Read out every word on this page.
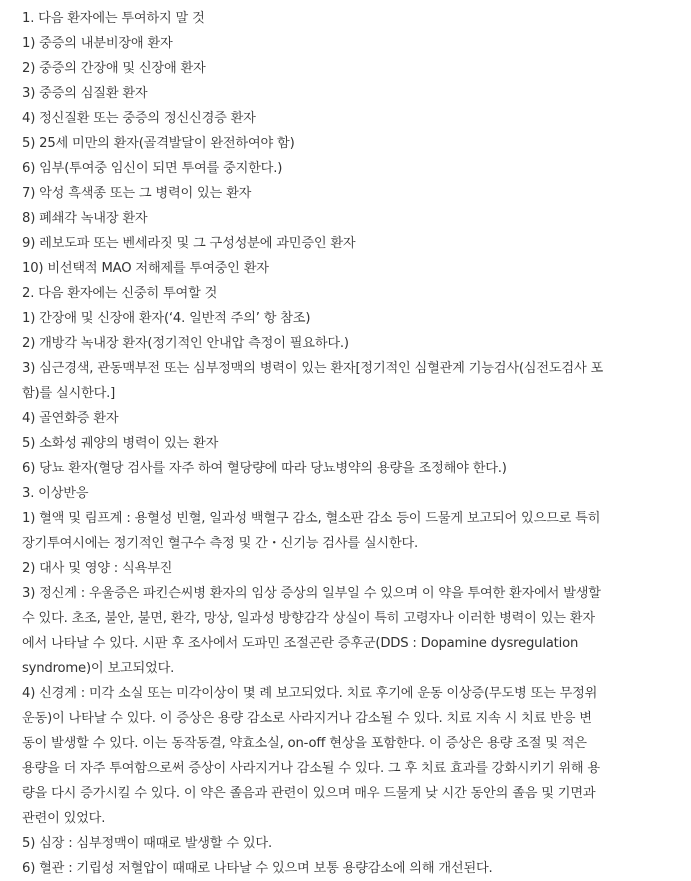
1. 다음 환자에는 투여하지 말 것
1) 중증의 내분비장애 환자
2) 중증의 간장애 및 신장애 환자
3) 중증의 심질환 환자
4) 정신질환 또는 중증의 정신신경증 환자
5) 25세 미만의 환자(골격발달이 완전하여야 함)
6) 임부(투여중 임신이 되면 투여를 중지한다.)
7) 악성 흑색종 또는 그 병력이 있는 환자
8) 폐쇄각 녹내장 환자
9) 레보도파 또는 벤세라짓 및 그 구성성분에 과민증인 환자
10) 비선택적 MAO 저해제를 투여중인 환자
2. 다음 환자에는 신중히 투여할 것
1) 간장애 및 신장애 환자(‘4. 일반적 주의’ 항 참조)
2) 개방각 녹내장 환자(정기적인 안내압 측정이 필요하다.)
3) 심근경색, 관동맥부전 또는 심부정맥의 병력이 있는 환자[정기적인 심혈관계 기능검사(심전도검사 포
함)를 실시한다.]
4) 골연화증 환자
5) 소화성 궤양의 병력이 있는 환자
6) 당뇨 환자(혈당 검사를 자주 하여 혈당량에 따라 당뇨병약의 용량을 조정해야 한다.)
3. 이상반응
1) 혈액 및 림프계 : 용혈성 빈혈, 일과성 백혈구 감소, 혈소판 감소 등이 드물게 보고되어 있으므로 특히
장기투여시에는 정기적인 혈구수 측정 및 간・신기능 검사를 실시한다.
2) 대사 및 영양 : 식욕부진
3) 정신계 : 우울증은 파킨슨씨병 환자의 임상 증상의 일부일 수 있으며 이 약을 투여한 환자에서 발생할
수 있다. 초조, 불안, 불면, 환각, 망상, 일과성 방향감각 상실이 특히 고령자나 이러한 병력이 있는 환자
에서 나타날 수 있다. 시판 후 조사에서 도파민 조절곤란 증후군(DDS : Dopamine dysregulation
syndrome)이 보고되었다.
4) 신경계 : 미각 소실 또는 미각이상이 몇 례 보고되었다. 치료 후기에 운동 이상증(무도병 또는 무정위
운동)이 나타날 수 있다. 이 증상은 용량 감소로 사라지거나 감소될 수 있다. 치료 지속 시 치료 반응 변
동이 발생할 수 있다. 이는 동작동결, 약효소실, on-off 현상을 포함한다. 이 증상은 용량 조절 및 적은
용량을 더 자주 투여함으로써 증상이 사라지거나 감소될 수 있다. 그 후 치료 효과를 강화시키기 위해 용
량을 다시 증가시킬 수 있다. 이 약은 졸음과 관련이 있으며 매우 드물게 낮 시간 동안의 졸음 및 기면과
관련이 있었다.
5) 심장 : 심부정맥이 때때로 발생할 수 있다.
6) 혈관 : 기립성 저혈압이 때때로 나타날 수 있으며 보통 용량감소에 의해 개선된다.
